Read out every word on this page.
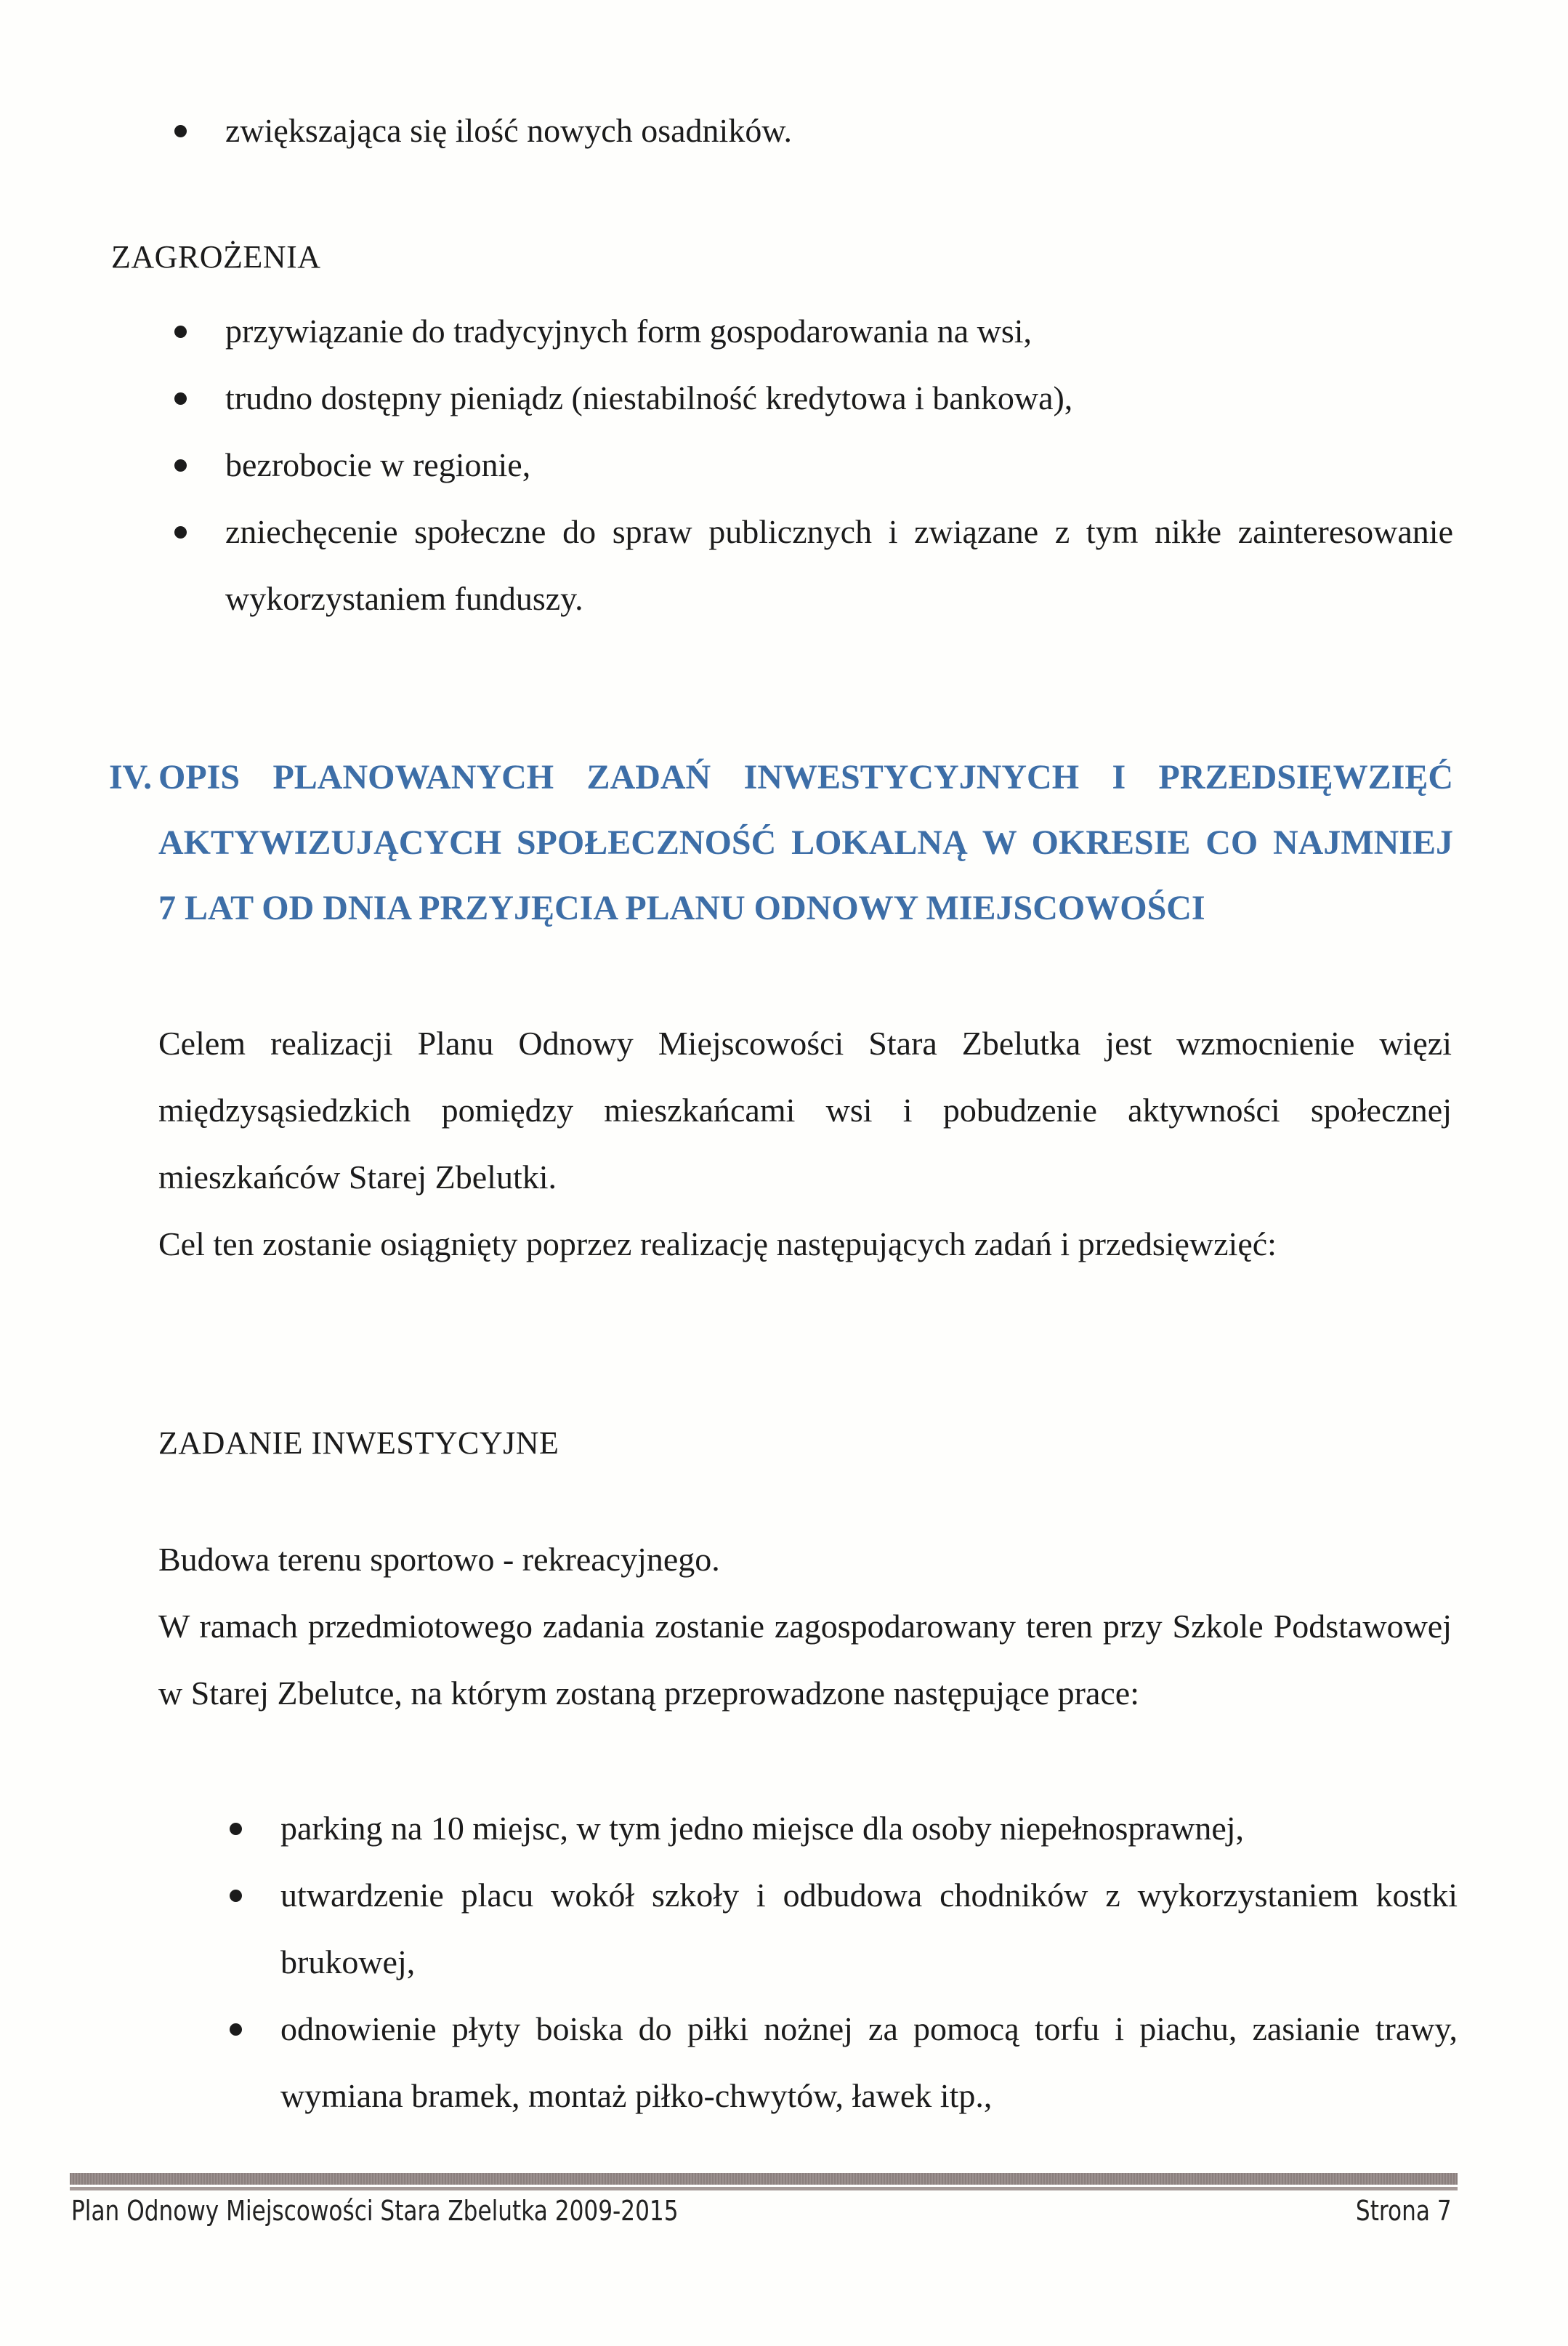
zwiększająca się ilość nowych osadników.
ZAGROŻENIA
przywiązanie do tradycyjnych form gospodarowania na wsi,
trudno dostępny pieniądz (niestabilność kredytowa i bankowa),
bezrobocie w regionie,
zniechęcenie społeczne do spraw publicznych i związane z tym nikłe zainteresowanie wykorzystaniem funduszy.
IV. OPIS PLANOWANYCH ZADAŃ INWESTYCYJNYCH I PRZEDSIĘWZIĘĆ
AKTYWIZUJĄCYCH SPOŁECZNOŚĆ LOKALNĄ W OKRESIE CO NAJMNIEJ
7 LAT OD DNIA PRZYJĘCIA PLANU ODNOWY MIEJSCOWOŚCI

Celem realizacji Planu Odnowy Miejscowości Stara Zbelutka jest wzmocnienie więzi międzysąsiedzkich pomiędzy mieszkańcami wsi i pobudzenie aktywności społecznej mieszkańców Starej Zbelutki.

Cel ten zostanie osiągnięty poprzez realizację następujących zadań i przedsięwzięć:

ZADANIE INWESTYCYJNE

Budowa terenu sportowo - rekreacyjnego.

W ramach przedmiotowego zadania zostanie zagospodarowany teren przy Szkole Podstawowej w Starej Zbelutce, na którym zostaną przeprowadzone następujące prace:

parking na 10 miejsc, w tym jedno miejsce dla osoby niepełnosprawnej,
utwardzenie placu wokół szkoły i odbudowa chodników z wykorzystaniem kostki brukowej,
odnowienie płyty boiska do piłki nożnej za pomocą torfu i piachu, zasianie trawy, wymiana bramek, montaż piłko-chwytów, ławek itp.,

Plan Odnowy Miejscowości Stara Zbelutka 2009-2015	Strona 7
